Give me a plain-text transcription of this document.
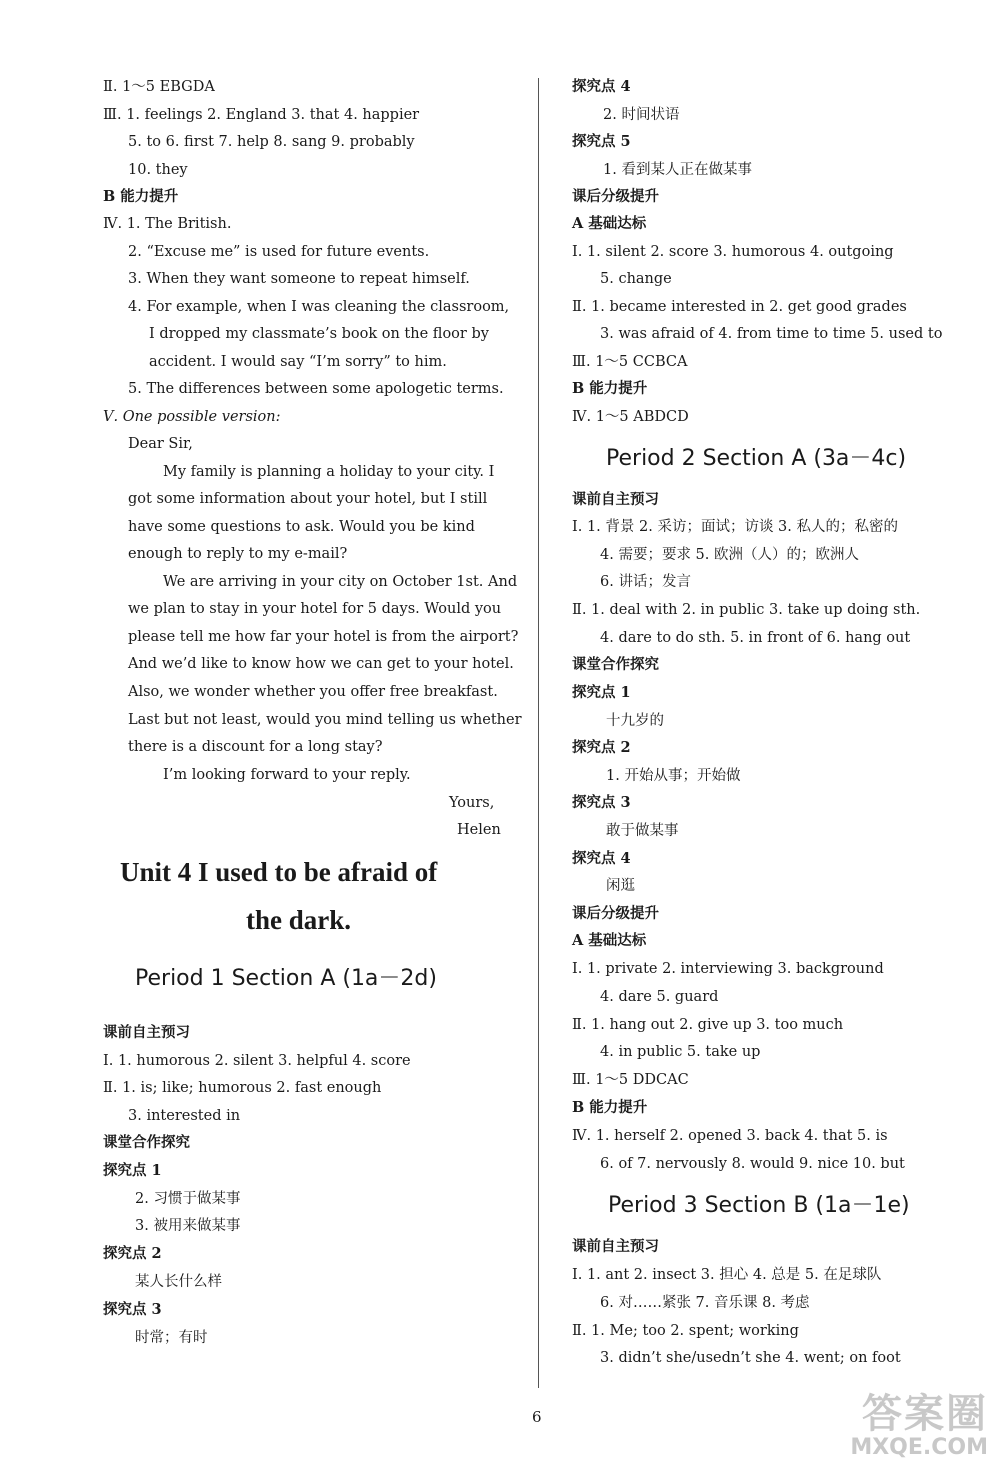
Ⅱ. 1～5 EBGDA
Ⅲ. 1. feelings 2. England 3. that 4. happier
5. to 6. first 7. help 8. sang 9. probably
10. they
B 能力提升
Ⅳ. 1. The British.
2. “Excuse me” is used for future events.
3. When they want someone to repeat himself.
4. For example, when I was cleaning the classroom,
I dropped my classmate’s book on the floor by
accident. I would say “I’m sorry” to him.
5. The differences between some apologetic terms.
Ⅴ. One possible version:
Dear Sir,
My family is planning a holiday to your city. I
got some information about your hotel, but I still
have some questions to ask. Would you be kind
enough to reply to my e-mail?
We are arriving in your city on October 1st. And
we plan to stay in your hotel for 5 days. Would you
please tell me how far your hotel is from the airport?
And we’d like to know how we can get to your hotel.
Also, we wonder whether you offer free breakfast.
Last but not least, would you mind telling us whether
there is a discount for a long stay?
I’m looking forward to your reply.
Yours,
Helen
Unit 4 I used to be afraid of
the dark.
Period 1 Section A (1a－2d)
课前自主预习
Ⅰ. 1. humorous 2. silent 3. helpful 4. score
Ⅱ. 1. is; like; humorous 2. fast enough
3. interested in
课堂合作探究
探究点 1
2. 习惯于做某事
3. 被用来做某事
探究点 2
某人长什么样
探究点 3
时常；有时
探究点 4
2. 时间状语
探究点 5
1. 看到某人正在做某事
课后分级提升
A 基础达标
Ⅰ. 1. silent 2. score 3. humorous 4. outgoing
5. change
Ⅱ. 1. became interested in 2. get good grades
3. was afraid of 4. from time to time 5. used to
Ⅲ. 1～5 CCBCA
B 能力提升
Ⅳ. 1～5 ABDCD
Period 2 Section A (3a－4c)
课前自主预习
Ⅰ. 1. 背景 2. 采访；面试；访谈 3. 私人的；私密的
4. 需要；要求 5. 欧洲（人）的；欧洲人
6. 讲话；发言
Ⅱ. 1. deal with 2. in public 3. take up doing sth.
4. dare to do sth. 5. in front of 6. hang out
课堂合作探究
探究点 1
十九岁的
探究点 2
1. 开始从事；开始做
探究点 3
敢于做某事
探究点 4
闲逛
课后分级提升
A 基础达标
Ⅰ. 1. private 2. interviewing 3. background
4. dare 5. guard
Ⅱ. 1. hang out 2. give up 3. too much
4. in public 5. take up
Ⅲ. 1～5 DDCAC
B 能力提升
Ⅳ. 1. herself 2. opened 3. back 4. that 5. is
6. of 7. nervously 8. would 9. nice 10. but
Period 3 Section B (1a－1e)
课前自主预习
Ⅰ. 1. ant 2. insect 3. 担心 4. 总是 5. 在足球队
6. 对……紧张 7. 音乐课 8. 考虑
Ⅱ. 1. Me; too 2. spent; working
3. didn’t she/usedn’t she 4. went; on foot
6	答案圈
MXQE.COM
